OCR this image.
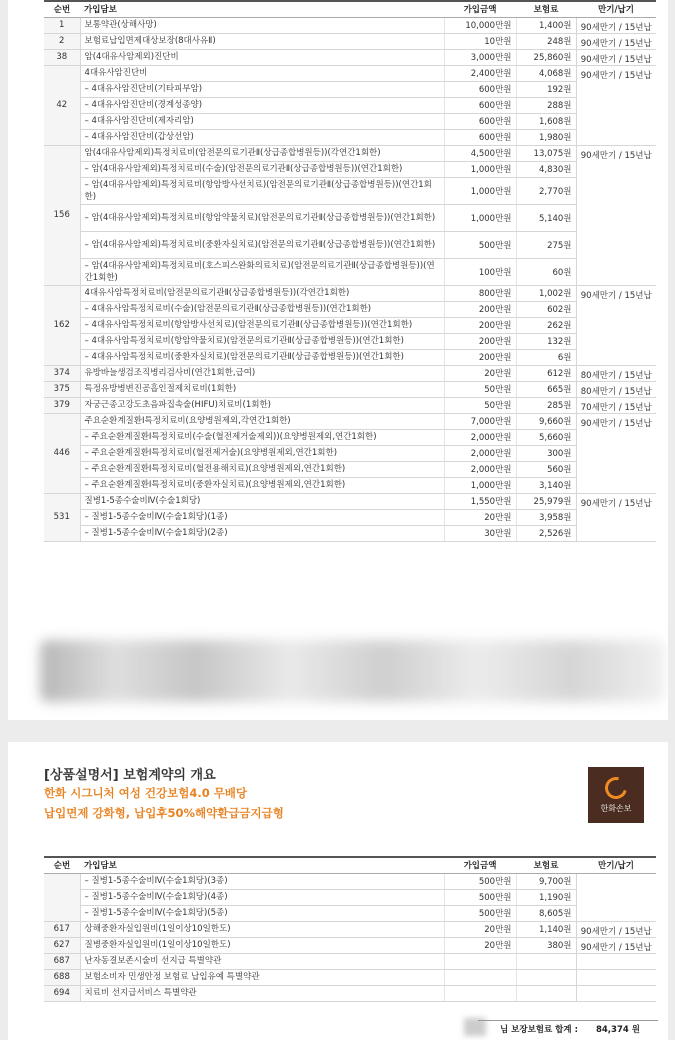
순번	가입담보	가입금액	보험료	만기/납기
1	보통약관(상해사망)	10,000만원	1,400원	90세만기 / 15년납
2	보험료납입면제대상보장(8대사유Ⅱ)	10만원	248원	90세만기 / 15년납
38	암(4대유사암제외)진단비	3,000만원	25,860원	90세만기 / 15년납
42	4대유사암진단비	2,400만원	4,068원	90세만기 / 15년납
	– 4대유사암진단비(기타피부암)	600만원	192원	
	– 4대유사암진단비(경계성종양)	600만원	288원	
	– 4대유사암진단비(제자리암)	600만원	1,608원	
	– 4대유사암진단비(갑상선암)	600만원	1,980원	
156	암(4대유사암제외)특정치료비(암전문의료기관Ⅱ(상급종합병원등))(각연간1회한)	4,500만원	13,075원	90세만기 / 15년납
	– 암(4대유사암제외)특정치료비(수술)(암전문의료기관Ⅱ(상급종합병원등))(연간1회한)	1,000만원	4,830원	
	– 암(4대유사암제외)특정치료비(항암방사선치료)(암전문의료기관Ⅱ(상급종합병원등))(연간1회한)	1,000만원	2,770원	
	– 암(4대유사암제외)특정치료비(항암약물치료)(암전문의료기관Ⅱ(상급종합병원등))(연간1회한)	1,000만원	5,140원	
	– 암(4대유사암제외)특정치료비(중환자실치료)(암전문의료기관Ⅱ(상급종합병원등))(연간1회한)	500만원	275원	
	– 암(4대유사암제외)특정치료비(호스피스완화의료치료)(암전문의료기관Ⅱ(상급종합병원등))(연간1회한)	100만원	60원	
162	4대유사암특정치료비(암전문의료기관Ⅱ(상급종합병원등))(각연간1회한)	800만원	1,002원	90세만기 / 15년납
	– 4대유사암특정치료비(수술)(암전문의료기관Ⅱ(상급종합병원등))(연간1회한)	200만원	602원	
	– 4대유사암특정치료비(항암방사선치료)(암전문의료기관Ⅱ(상급종합병원등))(연간1회한)	200만원	262원	
	– 4대유사암특정치료비(항암약물치료)(암전문의료기관Ⅱ(상급종합병원등))(연간1회한)	200만원	132원	
	– 4대유사암특정치료비(중환자실치료)(암전문의료기관Ⅱ(상급종합병원등))(연간1회한)	200만원	6원	
374	유방바늘생검조직병리검사비(연간1회한,급여)	20만원	612원	80세만기 / 15년납
375	특정유방병변진공흡인절제치료비(1회한)	50만원	665원	80세만기 / 15년납
379	자궁근종고강도초음파집속술(HIFU)치료비(1회한)	50만원	285원	70세만기 / 15년납
446	주요순환계질환Ⅰ특정치료비(요양병원제외,각연간1회한)	7,000만원	9,660원	90세만기 / 15년납
	– 주요순환계질환Ⅰ특정치료비(수술(혈전제거술제외))(요양병원제외,연간1회한)	2,000만원	5,660원	
	– 주요순환계질환Ⅰ특정치료비(혈전제거술)(요양병원제외,연간1회한)	2,000만원	300원	
	– 주요순환계질환Ⅰ특정치료비(혈전용해치료)(요양병원제외,연간1회한)	2,000만원	560원	
	– 주요순환계질환Ⅰ특정치료비(중환자실치료)(요양병원제외,연간1회한)	1,000만원	3,140원	
531	질병1-5종수술비Ⅳ(수술1회당)	1,550만원	25,979원	90세만기 / 15년납
	– 질병1-5종수술비Ⅳ(수술1회당)(1종)	20만원	3,958원	
	– 질병1-5종수술비Ⅳ(수술1회당)(2종)	30만원	2,526원	
[상품설명서] 보험계약의 개요
한화 시그니처 여성 건강보험4.0 무배당
납입면제 강화형, 납입후50%해약환급금지급형	한화손보
순번	가입담보	가입금액	보험료	만기/납기
	– 질병1-5종수술비Ⅳ(수술1회당)(3종)	500만원	9,700원	
	– 질병1-5종수술비Ⅳ(수술1회당)(4종)	500만원	1,190원	
	– 질병1-5종수술비Ⅳ(수술1회당)(5종)	500만원	8,605원	
617	상해중환자실입원비(1일이상10일한도)	20만원	1,140원	90세만기 / 15년납
627	질병중환자실입원비(1일이상10일한도)	20만원	380원	90세만기 / 15년납
687	난자동결보존시술비 선지급 특별약관			
688	보험소비자 민생안정 보험료 납입유예 특별약관			
694	치료비 선지급서비스 특별약관			
님 보장보험료 합계 : 84,374 원
